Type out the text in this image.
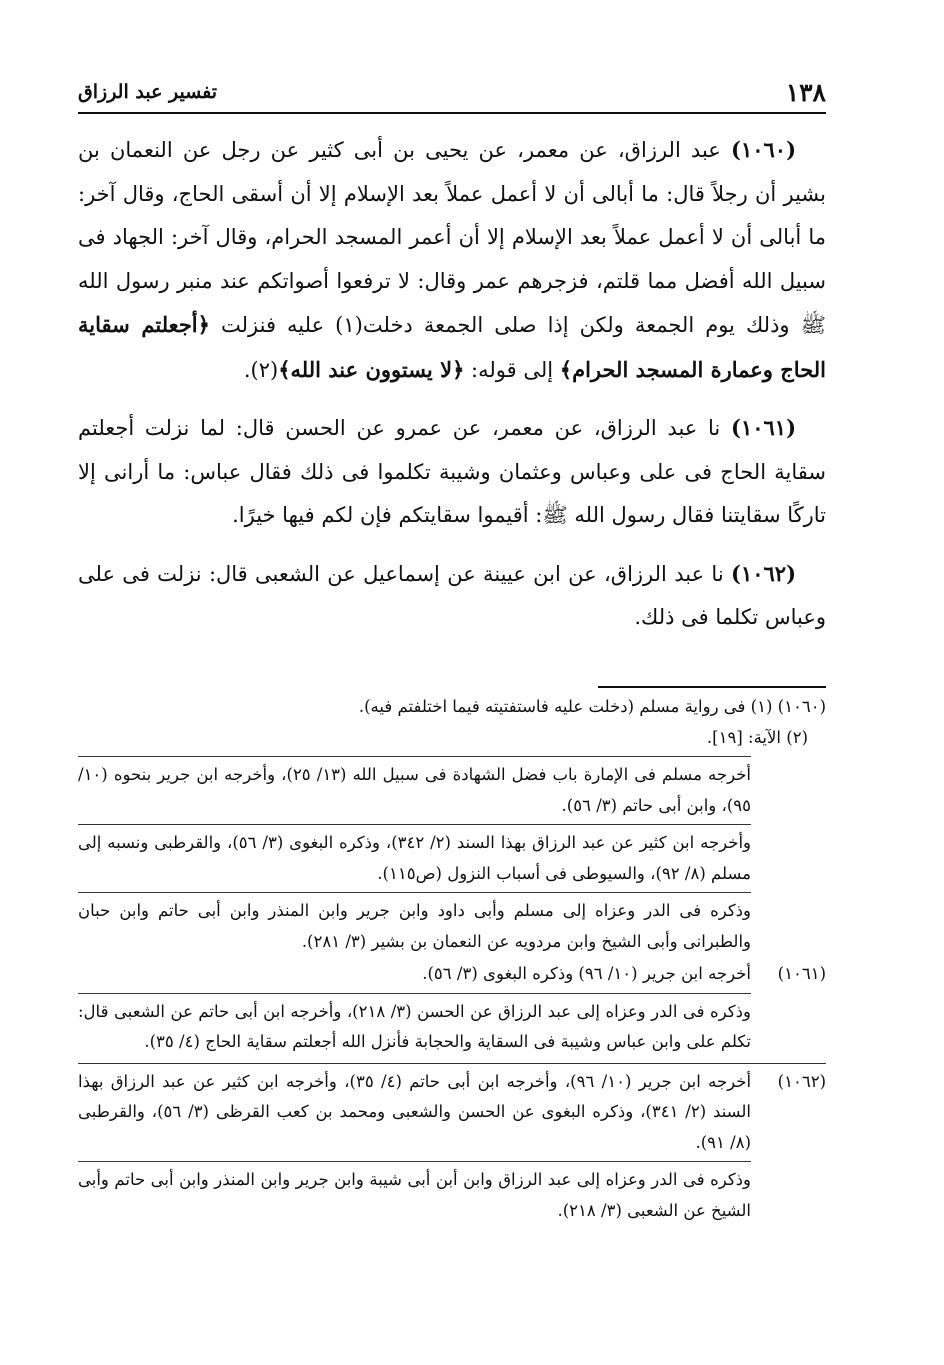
١٣٨
تفسير عبد الرزاق

(١٠٦٠) عبد الرزاق، عن معمر، عن يحيى بن أبى كثير عن رجل عن النعمان بن بشير أن رجلاً قال: ما أبالى أن لا أعمل عملاً بعد الإسلام إلا أن أسقى الحاج، وقال آخر: ما أبالى أن لا أعمل عملاً بعد الإسلام إلا أن أعمر المسجد الحرام، وقال آخر: الجهاد فى سبيل الله أفضل مما قلتم، فزجرهم عمر وقال: لا ترفعوا أصواتكم عند منبر رسول الله ﷺ وذلك يوم الجمعة ولكن إذا صلى الجمعة دخلت(١) عليه فنزلت ﴿أجعلتم سقاية الحاج وعمارة المسجد الحرام﴾ إلى قوله: ﴿لا يستوون عند الله﴾(٢).

(١٠٦١) نا عبد الرزاق، عن معمر، عن عمرو عن الحسن قال: لما نزلت أجعلتم سقاية الحاج فى على وعباس وعثمان وشيبة تكلموا فى ذلك فقال عباس: ما أرانى إلا تاركًا سقايتنا فقال رسول الله ﷺ: أقيموا سقايتكم فإن لكم فيها خيرًا.

(١٠٦٢) نا عبد الرزاق، عن ابن عيينة عن إسماعيل عن الشعبى قال: نزلت فى على وعباس تكلما فى ذلك.

(١٠٦٠) (١) فى رواية مسلم (دخلت عليه فاستفتيته فيما اختلفتم فيه).
(٢) الآية: [١٩].
أخرجه مسلم فى الإمارة باب فضل الشهادة فى سبيل الله (١٣/ ٢٥)، وأخرجه ابن جرير بنحوه (١٠/ ٩٥)، وابن أبى حاتم (٣/ ٥٦).
وأخرجه ابن كثير عن عبد الرزاق بهذا السند (٢/ ٣٤٢)، وذكره البغوى (٣/ ٥٦)، والقرطبى ونسبه إلى مسلم (٨/ ٩٢)، والسيوطى فى أسباب النزول (ص١١٥).
وذكره فى الدر وعزاه إلى مسلم وأبى داود وابن جرير وابن المنذر وابن أبى حاتم وابن حبان والطبرانى وأبى الشيخ وابن مردويه عن النعمان بن بشير (٣/ ٢٨١).
(١٠٦١)
أخرجه ابن جرير (١٠/ ٩٦) وذكره البغوى (٣/ ٥٦).
وذكره فى الدر وعزاه إلى عبد الرزاق عن الحسن (٣/ ٢١٨)، وأخرجه ابن أبى حاتم عن الشعبى قال: تكلم على وابن عباس وشيبة فى السقاية والحجابة فأنزل الله أجعلتم سقاية الحاج (٤/ ٣٥).
(١٠٦٢)
أخرجه ابن جرير (١٠/ ٩٦)، وأخرجه ابن أبى حاتم (٤/ ٣٥)، وأخرجه ابن كثير عن عبد الرزاق بهذا السند (٢/ ٣٤١)، وذكره البغوى عن الحسن والشعبى ومحمد بن كعب القرظى (٣/ ٥٦)، والقرطبى (٨/ ٩١).
وذكره فى الدر وعزاه إلى عبد الرزاق وابن أبن أبى شيبة وابن جرير وابن المنذر وابن أبى حاتم وأبى الشيخ عن الشعبى (٣/ ٢١٨).
